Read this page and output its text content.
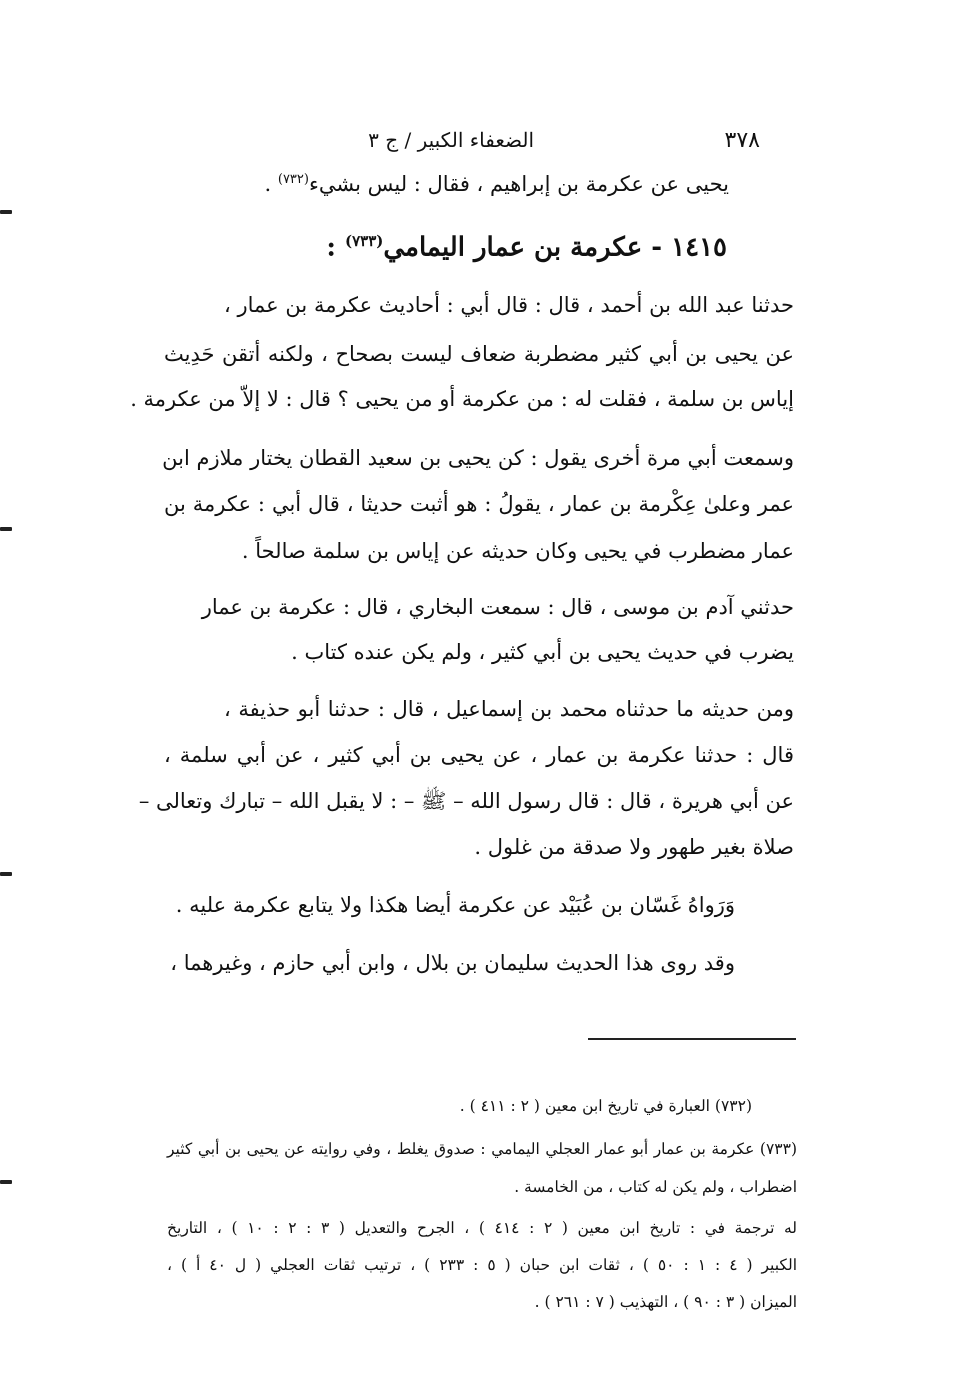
٣٧٨
الضعفاء الكبير / ج ٣
يحيى عن عكرمة بن إبراهيم ، فقال : ليس بشيء$^{(٧٣٢)}$ .
١٤١٥ - عكرمة بن عمار اليمامي$^{(٧٣٣)}$ :
حدثنا عبد الله بن أحمد ، قال : قال أبي : أحاديث عكرمة بن عمار ،
عن يحيى بن أبي كثير مضطربة ضعاف ليست بصحاح ، ولكنه أتقن حَدِيث
إياس بن سلمة ، فقلت له : من عكرمة أو من يحيى ؟ قال : لا إلاّ من عكرمة .
وسمعت أبي مرة أخرى يقول : كن يحيى بن سعيد القطان يختار ملازم ابن
عمر وعلىٰ عِكْرمة بن عمار ، يقولُ : هو أثبت حديثا ، قال أبي : عكرمة بن
عمار مضطرب في يحيى وكان حديثه عن إياس بن سلمة صالحاً .
حدثني آدم بن موسى ، قال : سمعت البخاري ، قال : عكرمة بن عمار
يضرب في حديث يحيى بن أبي كثير ، ولم يكن عنده كتاب .
ومن حديثه ما حدثناه محمد بن إسماعيل ، قال : حدثنا أبو حذيفة ،
قال : حدثنا عكرمة بن عمار ، عن يحيى بن أبي كثير ، عن أبي سلمة ،
عن أبي هريرة ، قال : قال رسول الله – ﷺ – : لا يقبل الله – تبارك وتعالى –
صلاة بغير طهور ولا صدقة من غلول .
وَرَواهُ غَسّان بن عُبَيْد عن عكرمة أيضا هكذا ولا يتابع عكرمة عليه .
وقد روى هذا الحديث سليمان بن بلال ، وابن أبي حازم ، وغيرهما ،
(٧٣٢) العبارة في تاريخ ابن معين ( ٢ : ٤١١ ) .
(٧٣٣) عكرمة بن عمار أبو عمار العجلي اليمامي : صدوق يغلط ، وفي روايته عن يحيى بن أبي كثير
اضطراب ، ولم يكن له كتاب ، من الخامسة .
له ترجمة في : تاريخ ابن معين ( ٢ : ٤١٤ ) ، الجرح والتعديل ( ٣ : ٢ : ١٠ ) ، التاريخ
الكبير ( ٤ : ١ : ٥٠ ) ، ثقات ابن حبان ( ٥ : ٢٣٣ ) ، ترتيب ثقات العجلي ( ل ٤٠ أ ) ،
الميزان ( ٣ : ٩٠ ) ، التهذيب ( ٧ : ٢٦١ ) .
